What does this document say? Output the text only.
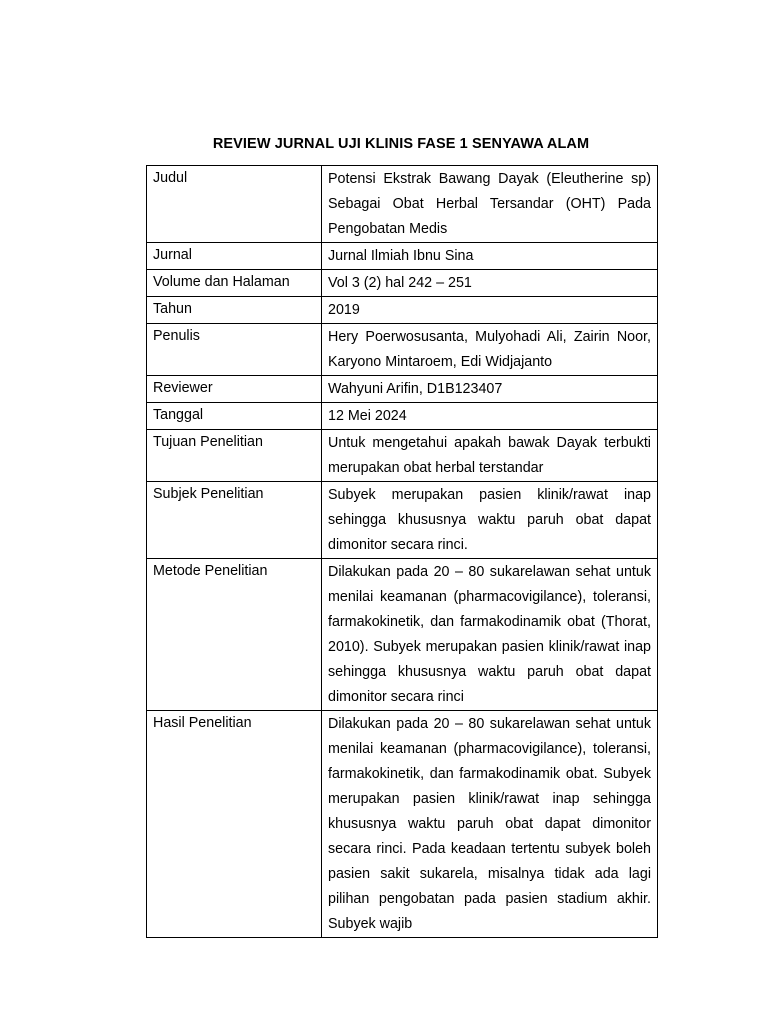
REVIEW JURNAL UJI KLINIS FASE 1 SENYAWA ALAM
Judul	Potensi Ekstrak Bawang Dayak (Eleutherine sp) Sebagai Obat Herbal Tersandar (OHT) Pada Pengobatan Medis
Jurnal	Jurnal Ilmiah Ibnu Sina
Volume dan Halaman	Vol 3 (2) hal 242 – 251
Tahun	2019
Penulis	Hery Poerwosusanta, Mulyohadi Ali, Zairin Noor, Karyono Mintaroem, Edi Widjajanto
Reviewer	Wahyuni Arifin, D1B123407
Tanggal	12 Mei 2024
Tujuan Penelitian	Untuk mengetahui apakah bawak Dayak terbukti merupakan obat herbal terstandar
Subjek Penelitian	Subyek merupakan pasien klinik/rawat inap sehingga khususnya waktu paruh obat dapat dimonitor secara rinci.
Metode Penelitian	Dilakukan pada 20 – 80 sukarelawan sehat untuk menilai keamanan (pharmacovigilance), toleransi, farmakokinetik, dan farmakodinamik obat (Thorat, 2010). Subyek merupakan pasien klinik/rawat inap sehingga khususnya waktu paruh obat dapat dimonitor secara rinci
Hasil Penelitian	Dilakukan pada 20 – 80 sukarelawan sehat untuk menilai keamanan (pharmacovigilance), toleransi, farmakokinetik, dan farmakodinamik obat. Subyek merupakan pasien klinik/rawat inap sehingga khususnya waktu paruh obat dapat dimonitor secara rinci. Pada keadaan tertentu subyek boleh pasien sakit sukarela, misalnya tidak ada lagi pilihan pengobatan pada pasien stadium akhir. Subyek wajib
